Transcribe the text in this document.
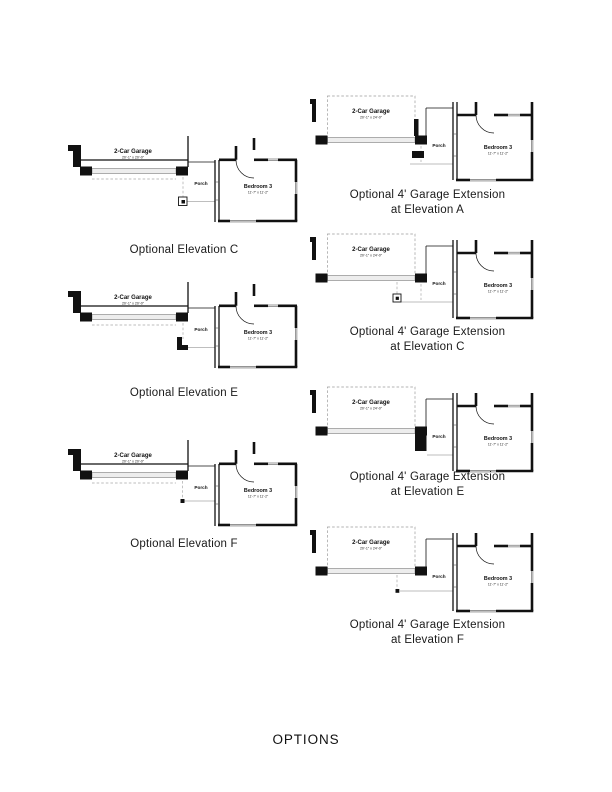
2-Car Garage
20'-1" x 20'-0"
Porch
Bedroom 3
11'-7" x 11'-2"
Optional Elevation C
2-Car Garage
20'-1" x 20'-0"
Porch
Bedroom 3
11'-7" x 11'-2"
Optional Elevation E
2-Car Garage
20'-1" x 20'-0"
Porch
Bedroom 3
11'-7" x 11'-2"
Optional Elevation F
2-Car Garage
20'-1" x 24'-0"
Porch	Bedroom 3
11'-7" x 11'-2"
Optional 4' Garage Extension
at Elevation A
2-Car Garage
20'-1" x 24'-0"
Porch	Bedroom 3
11'-7" x 11'-2"
Optional 4' Garage Extension
at Elevation C
2-Car Garage
20'-1" x 24'-0"
Porch	Bedroom 3
11'-7" x 11'-2"
Optional 4' Garage Extension
at Elevation E
2-Car Garage
20'-1" x 24'-0"
Porch	Bedroom 3
11'-7" x 11'-2"
Optional 4' Garage Extension
at Elevation F
OPTIONS
